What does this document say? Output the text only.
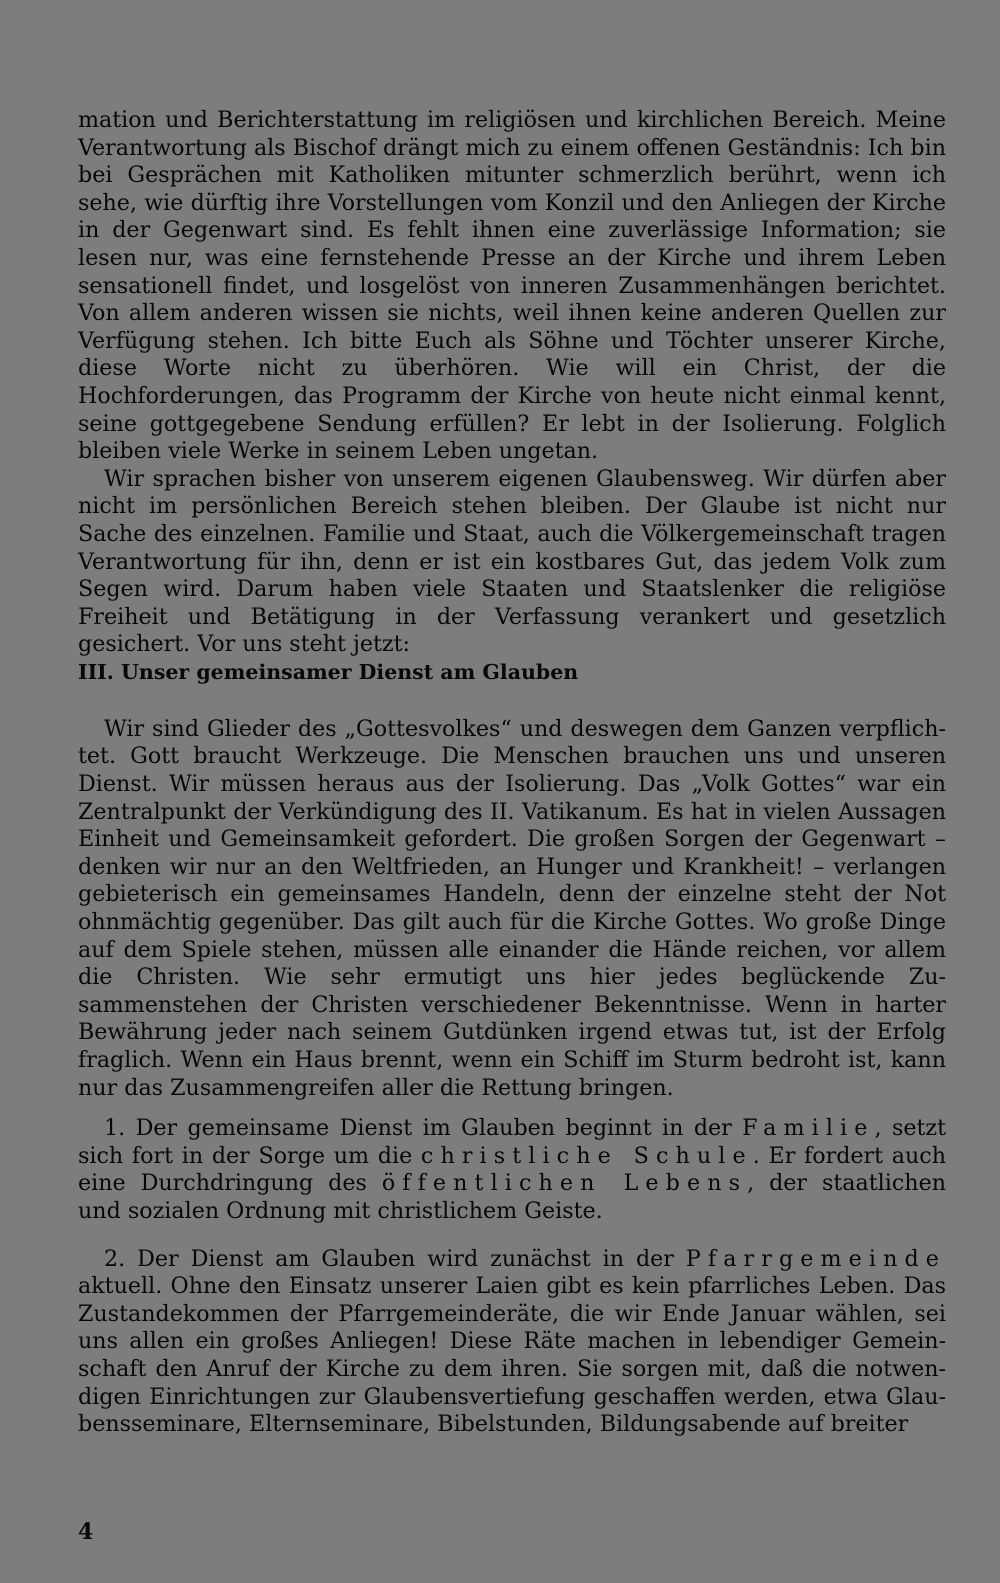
mation und Berichterstattung im religiösen und kirchlichen Bereich. Meine Verantwortung als Bischof drängt mich zu einem offenen Geständnis: Ich bin bei Gesprächen mit Katholiken mitunter schmerzlich berührt, wenn ich sehe, wie dürftig ihre Vorstellungen vom Konzil und den Anliegen der Kirche in der Gegenwart sind. Es fehlt ihnen eine zuverlässige Information; sie lesen nur, was eine fernstehende Presse an der Kirche und ihrem Leben sensationell findet, und losgelöst von inneren Zusammenhängen berichtet. Von allem anderen wissen sie nichts, weil ihnen keine anderen Quellen zur Verfügung stehen. Ich bitte Euch als Söhne und Töchter unserer Kirche, diese Worte nicht zu überhören. Wie will ein Christ, der die Hochforderungen, das Programm der Kirche von heute nicht einmal kennt, seine gottgegebene Sendung erfüllen? Er lebt in der Isolierung. Folglich bleiben viele Werke in seinem Leben ungetan.

Wir sprachen bisher von unserem eigenen Glaubensweg. Wir dürfen aber nicht im persönlichen Bereich stehen bleiben. Der Glaube ist nicht nur Sache des einzelnen. Familie und Staat, auch die Völkergemeinschaft tragen Verantwortung für ihn, denn er ist ein kostbares Gut, das jedem Volk zum Segen wird. Darum haben viele Staaten und Staatslenker die religiöse Freiheit und Betätigung in der Verfassung verankert und gesetzlich gesichert. Vor uns steht jetzt:

III. Unser gemeinsamer Dienst am Glauben

Wir sind Glieder des „Gottesvolkes“ und deswegen dem Ganzen verpflichtet. Gott braucht Werkzeuge. Die Menschen brauchen uns und unseren Dienst. Wir müssen heraus aus der Isolierung. Das „Volk Gottes“ war ein Zentralpunkt der Verkündigung des II. Vatikanum. Es hat in vielen Aussagen Einheit und Gemeinsamkeit gefordert. Die großen Sorgen der Gegenwart – denken wir nur an den Weltfrieden, an Hunger und Krankheit! – verlangen gebieterisch ein gemeinsames Handeln, denn der einzelne steht der Not ohnmächtig gegenüber. Das gilt auch für die Kirche Gottes. Wo große Dinge auf dem Spiele stehen, müssen alle einander die Hände reichen, vor allem die Christen. Wie sehr ermutigt uns hier jedes beglückende Zusammenstehen der Christen verschiedener Bekenntnisse. Wenn in harter Bewährung jeder nach seinem Gutdünken irgend etwas tut, ist der Erfolg fraglich. Wenn ein Haus brennt, wenn ein Schiff im Sturm bedroht ist, kann nur das Zusammengreifen aller die Rettung bringen.

1. Der gemeinsame Dienst im Glauben beginnt in der Familie, setzt sich fort in der Sorge um die christliche Schule. Er fordert auch eine Durchdringung des öffentlichen Lebens, der staatlichen und sozialen Ordnung mit christlichem Geiste.

2. Der Dienst am Glauben wird zunächst in der Pfarrgemeinde aktuell. Ohne den Einsatz unserer Laien gibt es kein pfarrliches Leben. Das Zustandekommen der Pfarrgemeinderäte, die wir Ende Januar wählen, sei uns allen ein großes Anliegen! Diese Räte machen in lebendiger Gemeinschaft den Anruf der Kirche zu dem ihren. Sie sorgen mit, daß die notwendigen Einrichtungen zur Glaubensvertiefung geschaffen werden, etwa Glaubensseminare, Elternseminare, Bibelstunden, Bildungsabende auf breiter

4
